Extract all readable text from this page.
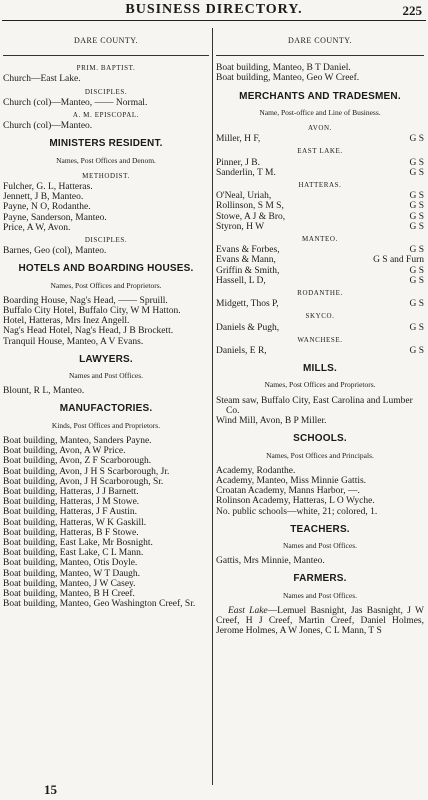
BUSINESS DIRECTORY.	225
DARE COUNTY.
PRIM. BAPTIST.
Church—East Lake.
DISCIPLES.
Church (col)—Manteo, —— Normal.
A. M. EPISCOPAL.
Church (col)—Manteo.
MINISTERS RESIDENT.
Names, Post Offices and Denom.
METHODIST.
Fulcher, G. L, Hatteras.
Jennett, J B, Manteo.
Payne, N O, Rodanthe.
Payne, Sanderson, Manteo.
Price, A W, Avon.
DISCIPLES.
Barnes, Geo (col), Manteo.
HOTELS AND BOARDING HOUSES.
Names, Post Offices and Proprietors.
Boarding House, Nag's Head, —— Spruill.
Buffalo City Hotel, Buffalo City, W M Hatton.
Hotel, Hatteras, Mrs Inez Angell.
Nag's Head Hotel, Nag's Head, J B Brockett.
Tranquil House, Manteo, A V Evans.
LAWYERS.
Names and Post Offices.
Blount, R L, Manteo.
MANUFACTORIES.
Kinds, Post Offices and Proprietors.
Boat building, Manteo, Sanders Payne.
Boat building, Avon, A W Price.
Boat building, Avon, Z F Scarborough.
Boat building, Avon, J H S Scarborough, Jr.
Boat building, Avon, J H Scarborough, Sr.
Boat building, Hatteras, J J Barnett.
Boat building, Hatteras, J M Stowe.
Boat building, Hatteras, J F Austin.
Boat building, Hatteras, W K Gaskill.
Boat building, Hatteras, B F Stowe.
Boat building, East Lake, Mr Bosnight.
Boat building, East Lake, C L Mann.
Boat building, Manteo, Otis Doyle.
Boat building, Manteo, W T Daugh.
Boat building, Manteo, J W Casey.
Boat building, Manteo, B H Creef.
Boat building, Manteo, Geo Washington Creef, Sr.
DARE COUNTY.
Boat building, Manteo, B T Daniel.
Boat building, Manteo, Geo W Creef.
MERCHANTS AND TRADESMEN.
Name, Post-office and Line of Business.
AVON.
Miller, H F,	G S
EAST LAKE.
Pinner, J B.	G S
Sanderlin, T M.	G S
HATTERAS.
O'Neal, Uriah,	G S
Rollinson, S M S,	G S
Stowe, A J & Bro,	G S
Styron, H W	G S
MANTEO.
Evans & Forbes,	G S
Evans & Mann,	G S and Furn
Griffin & Smith,	G S
Hassell, L D,	G S
RODANTHE.
Midgett, Thos P,	G S
SKYCO.
Daniels & Pugh,	G S
WANCHESE.
Daniels, E R,	G S
MILLS.
Names, Post Offices and Proprietors.
Steam saw, Buffalo City, East Carolina and Lumber Co.
Wind Mill, Avon, B P Miller.
SCHOOLS.
Names, Post Offices and Principals.
Academy, Rodanthe.
Academy, Manteo, Miss Minnie Gattis.
Croatan Academy, Manns Harbor, —.
Rolinson Academy, Hatteras, L O Wyche.
No. public schools—white, 21; colored, 1.
TEACHERS.
Names and Post Offices.
Gattis, Mrs Minnie, Manteo.
FARMERS.
Names and Post Offices.
East Lake—Lemuel Basnight, Jas Basnight, J W Creef, H J Creef, Martin Creef, Daniel Holmes, Jerome Holmes, A W Jones, C L Mann, T S
15
